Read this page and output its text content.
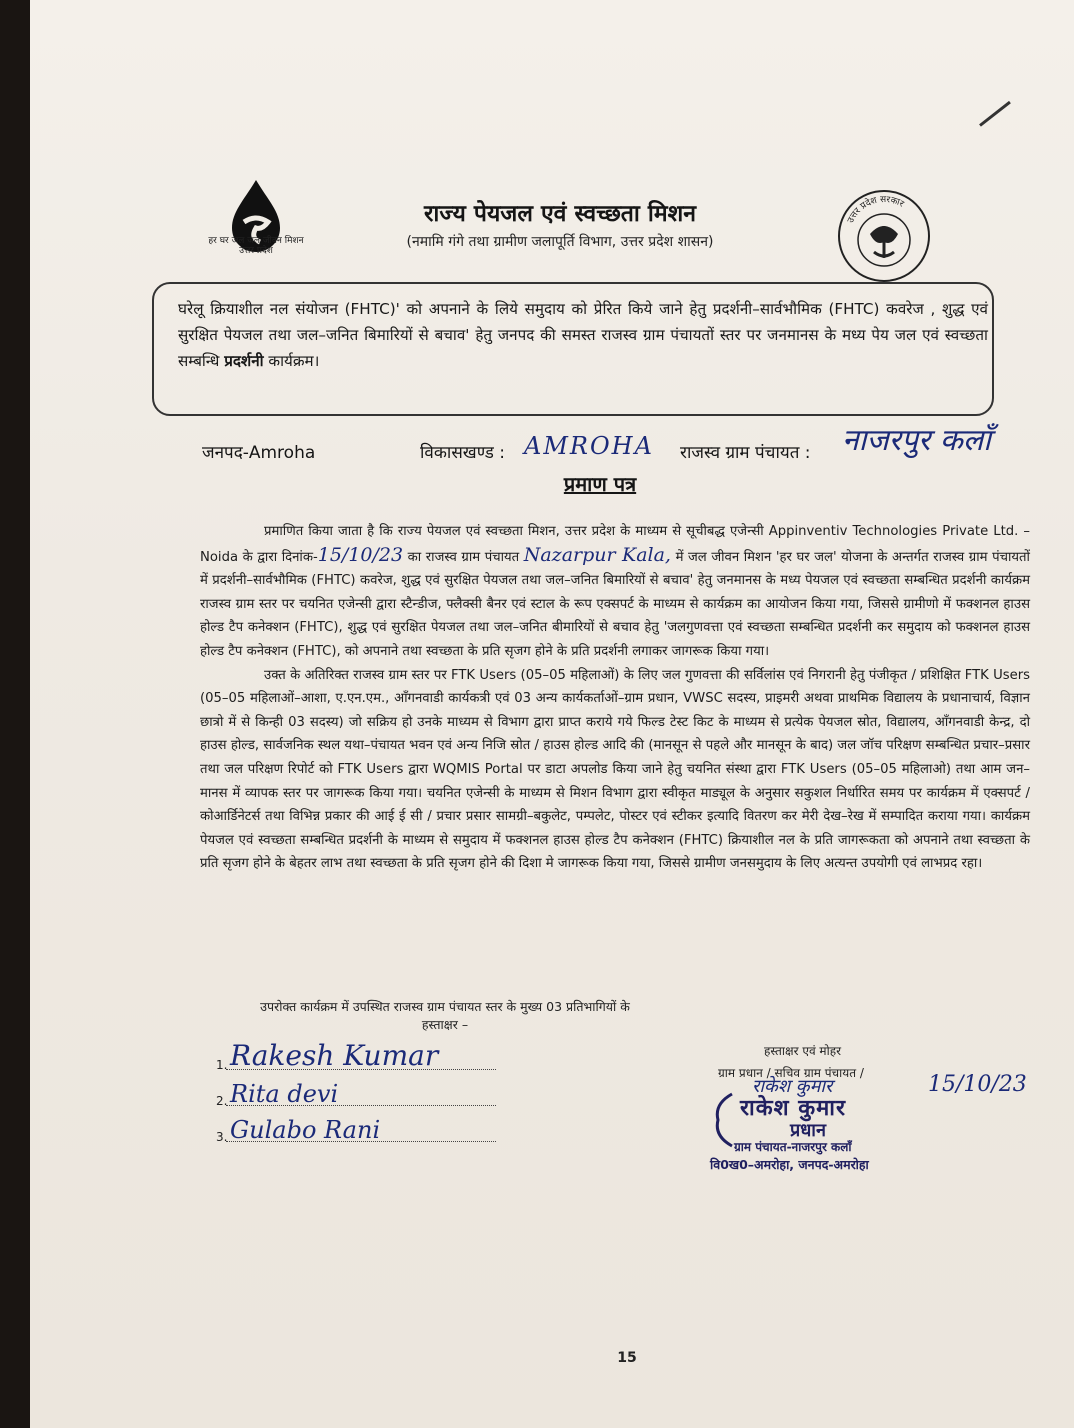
हर घर जल जल जीवन मिशन उत्तर प्रदेश
राज्य पेयजल एवं स्वच्छता मिशन
(नमामि गंगे तथा ग्रामीण जलापूर्ति विभाग, उत्तर प्रदेश शासन)
उत्तर प्रदेश सरकार
घरेलू क्रियाशील नल संयोजन (FHTC)' को अपनाने के लिये समुदाय को प्रेरित किये जाने हेतु प्रदर्शनी–सार्वभौमिक (FHTC) कवरेज , शुद्ध एवं सुरक्षित पेयजल तथा जल–जनित बिमारियों से बचाव' हेतु जनपद की समस्त राजस्व ग्राम पंचायतों स्तर पर जनमानस के मध्य पेय जल एवं स्वच्छता सम्बन्धि प्रदर्शनी कार्यक्रम।
जनपद-Amroha	विकासखण्ड : AMROHA राजस्व ग्राम पंचायत : नाजरपुर कलाँ
प्रमाण पत्र

प्रमाणित किया जाता है कि राज्य पेयजल एवं स्वच्छता मिशन, उत्तर प्रदेश के माध्यम से सूचीबद्ध एजेन्सी Appinventiv Technologies Private Ltd. – Noida के द्वारा दिनांक-15/10/23 का राजस्व ग्राम पंचायत Nazarpur Kala, में जल जीवन मिशन 'हर घर जल' योजना के अन्तर्गत राजस्व ग्राम पंचायतों में प्रदर्शनी–सार्वभौमिक (FHTC) कवरेज, शुद्ध एवं सुरक्षित पेयजल तथा जल–जनित बिमारियों से बचाव' हेतु जनमानस के मध्य पेयजल एवं स्वच्छता सम्बन्धित प्रदर्शनी कार्यक्रम राजस्व ग्राम स्तर पर चयनित एजेन्सी द्वारा स्टैन्डीज, फ्लैक्सी बैनर एवं स्टाल के रूप एक्सपर्ट के माध्यम से कार्यक्रम का आयोजन किया गया, जिससे ग्रामीणो में फक्शनल हाउस होल्ड टैप कनेक्शन (FHTC), शुद्ध एवं सुरक्षित पेयजल तथा जल–जनित बीमारियों से बचाव हेतु 'जलगुणवत्ता एवं स्वच्छता सम्बन्धित प्रदर्शनी कर समुदाय को फक्शनल हाउस होल्ड टैप कनेक्शन (FHTC), को अपनाने तथा स्वच्छता के प्रति सृजग होने के प्रति प्रदर्शनी लगाकर जागरूक किया गया।

उक्त के अतिरिक्त राजस्व ग्राम स्तर पर FTK Users (05–05 महिलाओं) के लिए जल गुणवत्ता की सर्विलांस एवं निगरानी हेतु पंजीकृत / प्रशिक्षित FTK Users (05–05 महिलाओं–आशा, ए.एन.एम., आँगनवाडी कार्यकत्री एवं 03 अन्य कार्यकर्ताओं–ग्राम प्रधान, VWSC सदस्य, प्राइमरी अथवा प्राथमिक विद्यालय के प्रधानाचार्य, विज्ञान छात्रो में से किन्ही 03 सदस्य) जो सक्रिय हो उनके माध्यम से विभाग द्वारा प्राप्त कराये गये फिल्ड टेस्ट किट के माध्यम से प्रत्येक पेयजल स्रोत, विद्यालय, आँगनवाडी केन्द्र, दो हाउस होल्ड, सार्वजनिक स्थल यथा–पंचायत भवन एवं अन्य निजि स्रोत / हाउस होल्ड आदि की (मानसून से पहले और मानसून के बाद) जल जॉच परिक्षण सम्बन्धित प्रचार–प्रसार तथा जल परिक्षण रिपोर्ट को FTK Users द्वारा WQMIS Portal पर डाटा अपलोड किया जाने हेतु चयनित संस्था द्वारा FTK Users (05–05 महिलाओ) तथा आम जन–मानस में व्यापक स्तर पर जागरूक किया गया। चयनित एजेन्सी के माध्यम से मिशन विभाग द्वारा स्वीकृत माड्यूल के अनुसार सकुशल निर्धारित समय पर कार्यक्रम में एक्सपर्ट / कोआर्डिनेटर्स तथा विभिन्न प्रकार की आई ई सी / प्रचार प्रसार सामग्री–बकुलेट, पम्पलेट, पोस्टर एवं स्टीकर इत्यादि वितरण कर मेरी देख–रेख में सम्पादित कराया गया। कार्यक्रम पेयजल एवं स्वच्छता सम्बन्धित प्रदर्शनी के माध्यम से समुदाय में फक्शनल हाउस होल्ड टैप कनेक्शन (FHTC) क्रियाशील नल के प्रति जागरूकता को अपनाने तथा स्वच्छता के प्रति सृजग होने के बेहतर लाभ तथा स्वच्छता के प्रति सृजग होने की दिशा मे जागरूक किया गया, जिससे ग्रामीण जनसमुदाय के लिए अत्यन्त उपयोगी एवं लाभप्रद रहा।

उपरोक्त कार्यक्रम में उपस्थित राजस्व ग्राम पंचायत स्तर के मुख्य 03 प्रतिभागियों के
हस्ताक्षर –
1. Rakesh Kumar
2. Rita devi
3. Gulabo Rani
हस्ताक्षर एवं मोहर
ग्राम प्रधान / सचिव ग्राम पंचायत /
राकेश कुमार	15/10/23
राकेश कुमार
प्रधान
ग्राम पंचायत-नाजरपुर कलाँ
वि0ख0–अमरोहा, जनपद-अमरोहा
15
